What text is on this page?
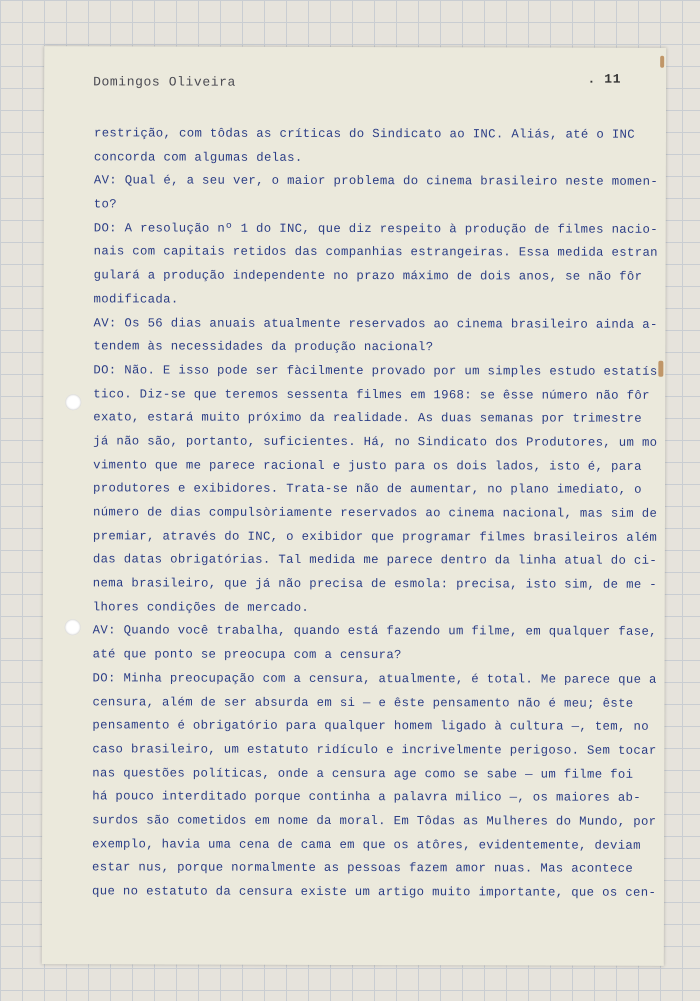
Domingos Oliveira	. 11
restrição, com tôdas as críticas do Sindicato ao INC. Aliás, até o INC
concorda com algumas delas.
AV: Qual é, a seu ver, o maior problema do cinema brasileiro neste momen-
to?
DO: A resolução nº 1 do INC, que diz respeito à produção de filmes nacio-
nais com capitais retidos das companhias estrangeiras. Essa medida estran
gulará a produção independente no prazo máximo de dois anos, se não fôr
modificada.
AV: Os 56 dias anuais atualmente reservados ao cinema brasileiro ainda a-
tendem às necessidades da produção nacional?
DO: Não. E isso pode ser fàcilmente provado por um simples estudo estatís
tico. Diz-se que teremos sessenta filmes em 1968: se êsse número não fôr
exato, estará muito próximo da realidade. As duas semanas por trimestre
já não são, portanto, suficientes. Há, no Sindicato dos Produtores, um mo
vimento que me parece racional e justo para os dois lados, isto é, para
produtores e exibidores. Trata-se não de aumentar, no plano imediato, o
número de dias compulsòriamente reservados ao cinema nacional, mas sim de
premiar, através do INC, o exibidor que programar filmes brasileiros além
das datas obrigatórias. Tal medida me parece dentro da linha atual do ci-
nema brasileiro, que já não precisa de esmola: precisa, isto sim, de me -
lhores condições de mercado.
AV: Quando você trabalha, quando está fazendo um filme, em qualquer fase,
até que ponto se preocupa com a censura?
DO: Minha preocupação com a censura, atualmente, é total. Me parece que a
censura, além de ser absurda em si — e êste pensamento não é meu; êste
pensamento é obrigatório para qualquer homem ligado à cultura —, tem, no
caso brasileiro, um estatuto ridículo e incrivelmente perigoso. Sem tocar
nas questões políticas, onde a censura age como se sabe — um filme foi
há pouco interditado porque continha a palavra milico —, os maiores ab-
surdos são cometidos em nome da moral. Em Tôdas as Mulheres do Mundo, por
exemplo, havia uma cena de cama em que os atôres, evidentemente, deviam
estar nus, porque normalmente as pessoas fazem amor nuas. Mas acontece
que no estatuto da censura existe um artigo muito importante, que os cen-
